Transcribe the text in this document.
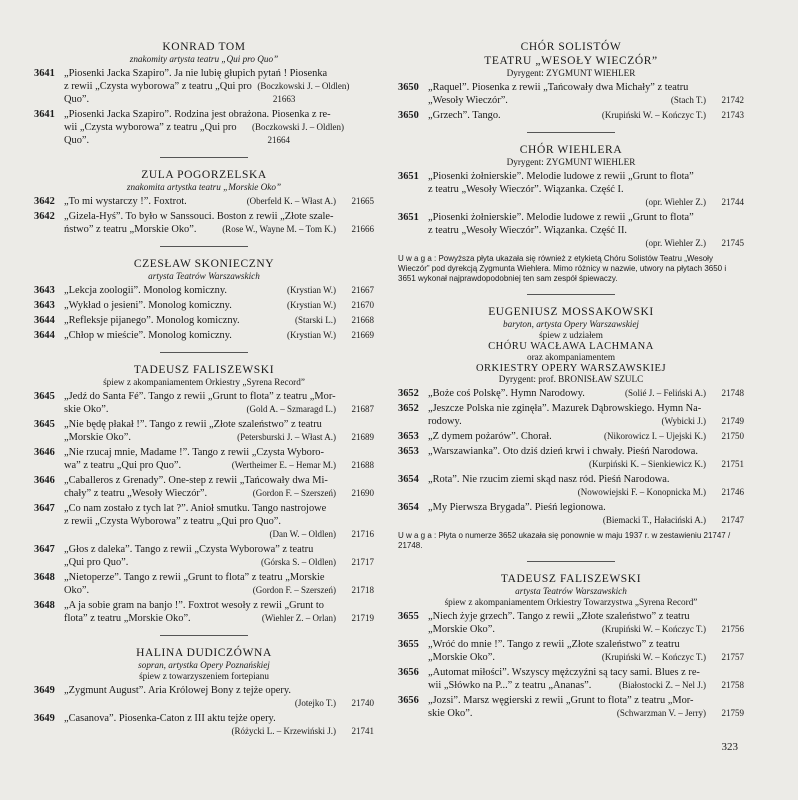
KONRAD TOM
znakomity artysta teatru „Qui pro Quo”
3641 „Piosenki Jacka Szapiro”. Ja nie lubię głupich pytań ! Piosenka
z rewii „Czysta wyborowa” z teatru „Qui pro Quo”.
(Boczkowski J. – Oldlen)21663
3641 „Piosenki Jacka Szapiro”. Rodzina jest obrażona. Piosenka z re-
wii „Czysta wyborowa” z teatru „Qui pro Quo”.
(Boczkowski J. – Oldlen)21664
ZULA POGORZELSKA
znakomita artystka teatru „Morskie Oko”
3642 „To mi wystarczy !”. Foxtrot.	(Oberfeld K. – Włast A.) 21665
3642 „Gizela-Hyś”. To było w Sanssouci. Boston z rewii „Złote szale-
ństwo” z teatru „Morskie Oko”.	(Rose W., Wayne M. – Tom K.) 21666
CZESŁAW SKONIECZNY
artysta Teatrów Warszawskich
3643 „Lekcja zoologii”. Monolog komiczny.	(Krystian W.) 21667
3643 „Wykład o jesieni”. Monolog komiczny.	(Krystian W.) 21670
3644 „Refleksje pijanego”. Monolog komiczny.	(Starski L.) 21668
3644 „Chłop w mieście”. Monolog komiczny.	(Krystian W.) 21669
TADEUSZ FALISZEWSKI
śpiew z akompaniamentem Orkiestry „Syrena Record”
3645 „Jedź do Santa Fé”. Tango z rewii „Grunt to flota” z teatru „Mor-
skie Oko”.	(Gold A. – Szmaragd L.) 21687
3645 „Nie będę płakał !”. Tango z rewii „Złote szaleństwo” z teatru
„Morskie Oko”.	(Petersburski J. – Włast A.) 21689
3646 „Nie rzucaj mnie, Madame !”. Tango z rewii „Czysta Wyboro-
wa” z teatru „Qui pro Quo”.	(Wertheimer E. – Hemar M.) 21688
3646 „Caballeros z Grenady”. One-step z rewii „Tańcowały dwa Mi-
chały” z teatru „Wesoły Wieczór”.	(Gordon F. – Szerszeń) 21690
3647 „Co nam zostało z tych lat ?”. Anioł smutku. Tango nastrojowe
z rewii „Czysta Wyborowa” z teatru „Qui pro Quo”.
(Dan W. – Oldlen) 21716
3647 „Głos z daleka”. Tango z rewii „Czysta Wyborowa” z teatru
„Qui pro Quo”.	(Górska S. – Oldlen) 21717
3648 „Nietoperze”. Tango z rewii „Grunt to flota” z teatru „Morskie
Oko”.	(Gordon F. – Szerszeń) 21718
3648 „A ja sobie gram na banjo !”. Foxtrot wesoły z rewii „Grunt to
flota” z teatru „Morskie Oko”.	(Wiehler Z. – Orlan) 21719
HALINA DUDICZÓWNA
sopran, artystka Opery Poznańskiej
śpiew z towarzyszeniem fortepianu
3649 „Zygmunt August”. Aria Królowej Bony z tejże opery.
(Jotejko T.) 21740
3649 „Casanova”. Piosenka-Caton z III aktu tejże opery.
(Różycki L. – Krzewiński J.) 21741
CHÓR SOLISTÓW
TEATRU „WESOŁY WIECZÓR”
Dyrygent: ZYGMUNT WIEHLER
3650 „Raquel”. Piosenka z rewii „Tańcowały dwa Michały” z teatru
„Wesoły Wieczór”.	(Stach T.) 21742
3650 „Grzech”. Tango.	(Krupiński W. – Kończyc T.) 21743
CHÓR WIEHLERA
Dyrygent: ZYGMUNT WIEHLER
3651 „Piosenki żołnierskie”. Melodie ludowe z rewii „Grunt to flota”
z teatru „Wesoły Wieczór”. Wiązanka. Część I.
(opr. Wiehler Z.) 21744
3651 „Piosenki żołnierskie”. Melodie ludowe z rewii „Grunt to flota”
z teatru „Wesoły Wieczór”. Wiązanka. Część II.
(opr. Wiehler Z.) 21745
U w a g a : Powyższa płyta ukazała się również z etykietą Chóru Solistów Teatru „Wesoły Wieczór” pod dyrekcją Zygmunta Wiehlera. Mimo różnicy w nazwie, utwory na płytach 3650 i 3651 wykonał najprawdopodobniej ten sam zespół śpiewaczy.
EUGENIUSZ MOSSAKOWSKI
baryton, artysta Opery Warszawskiej
śpiew z udziałem
CHÓRU WACŁAWA LACHMANA
oraz akompaniamentem
ORKIESTRY OPERY WARSZAWSKIEJ
Dyrygent: prof. BRONISŁAW SZULC
3652 „Boże coś Polskę”. Hymn Narodowy.	(Solié J. – Feliński A.) 21748
3652 „Jeszcze Polska nie zginęła”. Mazurek Dąbrowskiego. Hymn Na-
rodowy.	(Wybicki J.) 21749
3653 „Z dymem pożarów”. Chorał.	(Nikorowicz I. – Ujejski K.) 21750
3653 „Warszawianka”. Oto dziś dzień krwi i chwały. Pieśń Narodowa.
(Kurpiński K. – Sienkiewicz K.) 21751
3654 „Rota”. Nie rzucim ziemi skąd nasz ród. Pieśń Narodowa.
(Nowowiejski F. – Konopnicka M.) 21746
3654 „My Pierwsza Brygada”. Pieśń legionowa.
(Biemacki T., Hałaciński A.) 21747
U w a g a : Płyta o numerze 3652 ukazała się ponownie w maju 1937 r. w zestawieniu 21747 / 21748.
TADEUSZ FALISZEWSKI
artysta Teatrów Warszawskich
śpiew z akompaniamentem Orkiestry Towarzystwa „Syrena Record”
3655 „Niech żyje grzech”. Tango z rewii „Złote szaleństwo” z teatru
„Morskie Oko”.	(Krupiński W. – Kończyc T.) 21756
3655 „Wróć do mnie !”. Tango z rewii „Złote szaleństwo” z teatru
„Morskie Oko”.	(Krupiński W. – Kończyc T.) 21757
3656 „Automat miłości”. Wszyscy mężczyźni są tacy sami. Blues z re-
wii „Słówko na P...” z teatru „Ananas”.	(Białostocki Z. – Nel J.) 21758
3656 „Jozsi”. Marsz węgierski z rewii „Grunt to flota” z teatru „Mor-
skie Oko”.	(Schwarzman V. – Jerry) 21759
323
